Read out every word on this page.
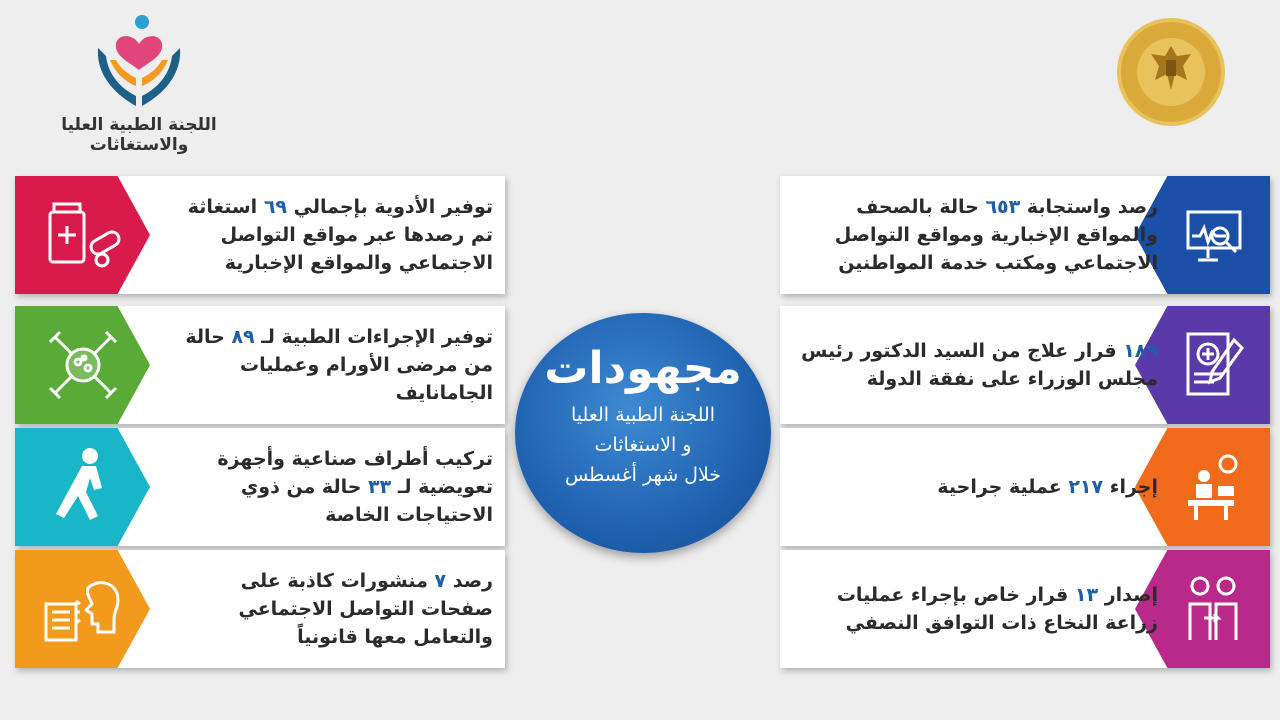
اللجنة الطبية العليا والاستغاثات
توفير الأدوية بإجمالي ٦٩ استغاثة تم رصدها عبر مواقع التواصل الاجتماعي والمواقع الإخبارية
توفير الإجراءات الطبية لـ ٨٩ حالة من مرضى الأورام وعمليات الجامانايف
تركيب أطراف صناعية وأجهزة تعويضية لـ ٣٣ حالة من ذوي الاحتياجات الخاصة
رصد ٧ منشورات كاذبة على صفحات التواصل الاجتماعي والتعامل معها قانونياً
رصد واستجابة ٦٥٣ حالة بالصحف والمواقع الإخبارية ومواقع التواصل الاجتماعي ومكتب خدمة المواطنين
١٨٩ قرار علاج من السيد الدكتور رئيس مجلس الوزراء على نفقة الدولة
إجراء ٢١٧ عملية جراحية
إصدار ١٣ قرار خاص بإجراء عمليات زراعة النخاع ذات التوافق النصفي
مجهودات
اللجنة الطبية العليا
و الاستغاثات
خلال شهر أغسطس
